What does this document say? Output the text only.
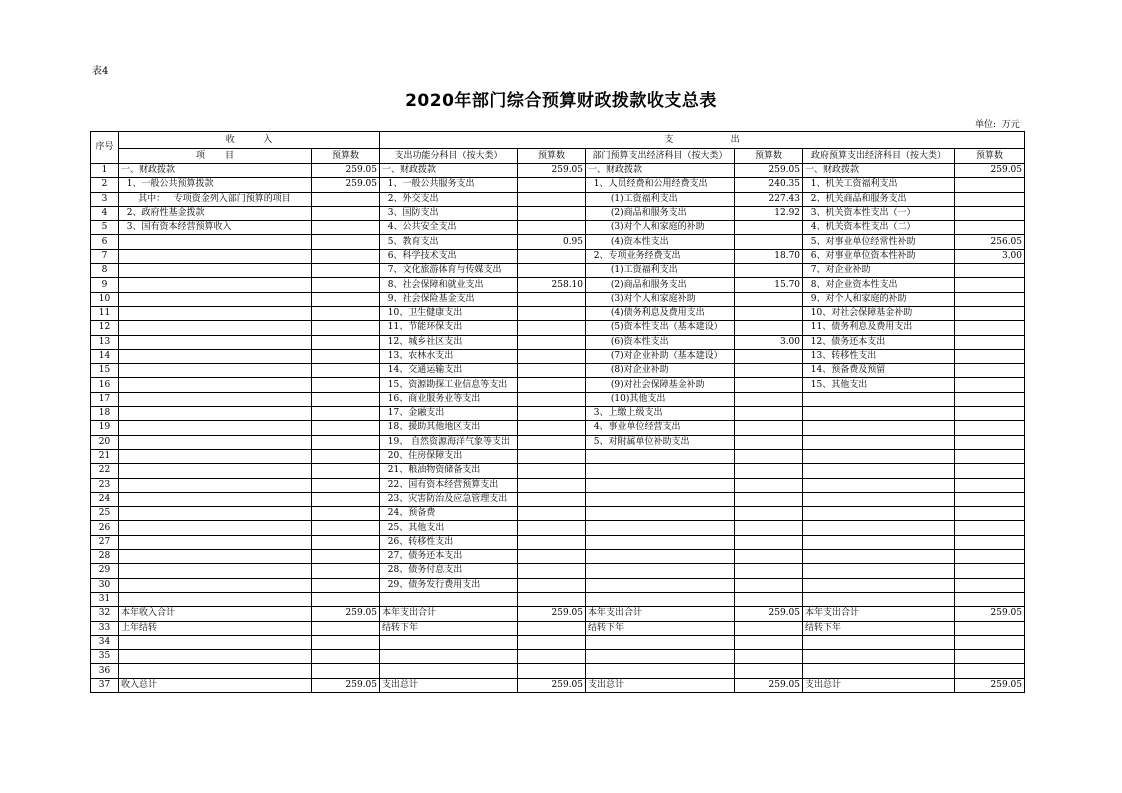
表4
2020年部门综合预算财政拨款收支总表
单位:  万元
序号	收          入		支                    出					
	项       目	预算数	支出功能分科目（按大类）	预算数	部门预算支出经济科目（按大类）	预算数	政府预算支出经济科目（按大类）	预算数
1	一、财政拨款	259.05	一、财政拨款	259.05	一、财政拨款	259.05	一、财政拨款	259.05
2	1、一般公共预算拨款	259.05	1、一般公共服务支出		1、人员经费和公用经费支出	240.35	1、机关工资福利支出	
3	其中：   专项资金列入部门预算的项目		2、外交支出		(1)工资福利支出	227.43	2、机关商品和服务支出	
4	2、政府性基金拨款		3、国防支出		(2)商品和服务支出	12.92	3、机关资本性支出（一）	
5	3、国有资本经营预算收入		4、公共安全支出		(3)对个人和家庭的补助		4、机关资本性支出（二）	
6			5、教育支出	0.95	(4)资本性支出		5、对事业单位经常性补助	256.05
7			6、科学技术支出		2、专项业务经费支出	18.70	6、对事业单位资本性补助	3.00
8			7、文化旅游体育与传媒支出		(1)工资福利支出		7、对企业补助	
9			8、社会保障和就业支出	258.10	(2)商品和服务支出	15.70	8、对企业资本性支出	
10			9、社会保险基金支出		(3)对个人和家庭补助		9、对个人和家庭的补助	
11			10、卫生健康支出		(4)债务利息及费用支出		10、对社会保障基金补助	
12			11、节能环保支出		(5)资本性支出（基本建设）		11、债务利息及费用支出	
13			12、城乡社区支出		(6)资本性支出	3.00	12、债务还本支出	
14			13、农林水支出		(7)对企业补助（基本建设）		13、转移性支出	
15			14、交通运输支出		(8)对企业补助		14、预备费及预留	
16			15、资源勘探工业信息等支出		(9)对社会保障基金补助		15、其他支出	
17			16、商业服务业等支出		(10)其他支出			
18			17、金融支出		3、上缴上级支出			
19			18、援助其他地区支出		4、事业单位经营支出			
20			19、 自然资源海洋气象等支出		5、对附属单位补助支出			
21			20、住房保障支出					
22			21、粮油物资储备支出					
23			22、国有资本经营预算支出					
24			23、灾害防治及应急管理支出					
25			24、预备费					
26			25、其他支出					
27			26、转移性支出					
28			27、债务还本支出					
29			28、债务付息支出					
30			29、债务发行费用支出					
31								
32	本年收入合计	259.05	本年支出合计	259.05	本年支出合计	259.05	本年支出合计	259.05
33	上年结转		结转下年		结转下年		结转下年	
34								
35								
36								
37	收入总计	259.05	支出总计	259.05	支出总计	259.05	支出总计	259.05
